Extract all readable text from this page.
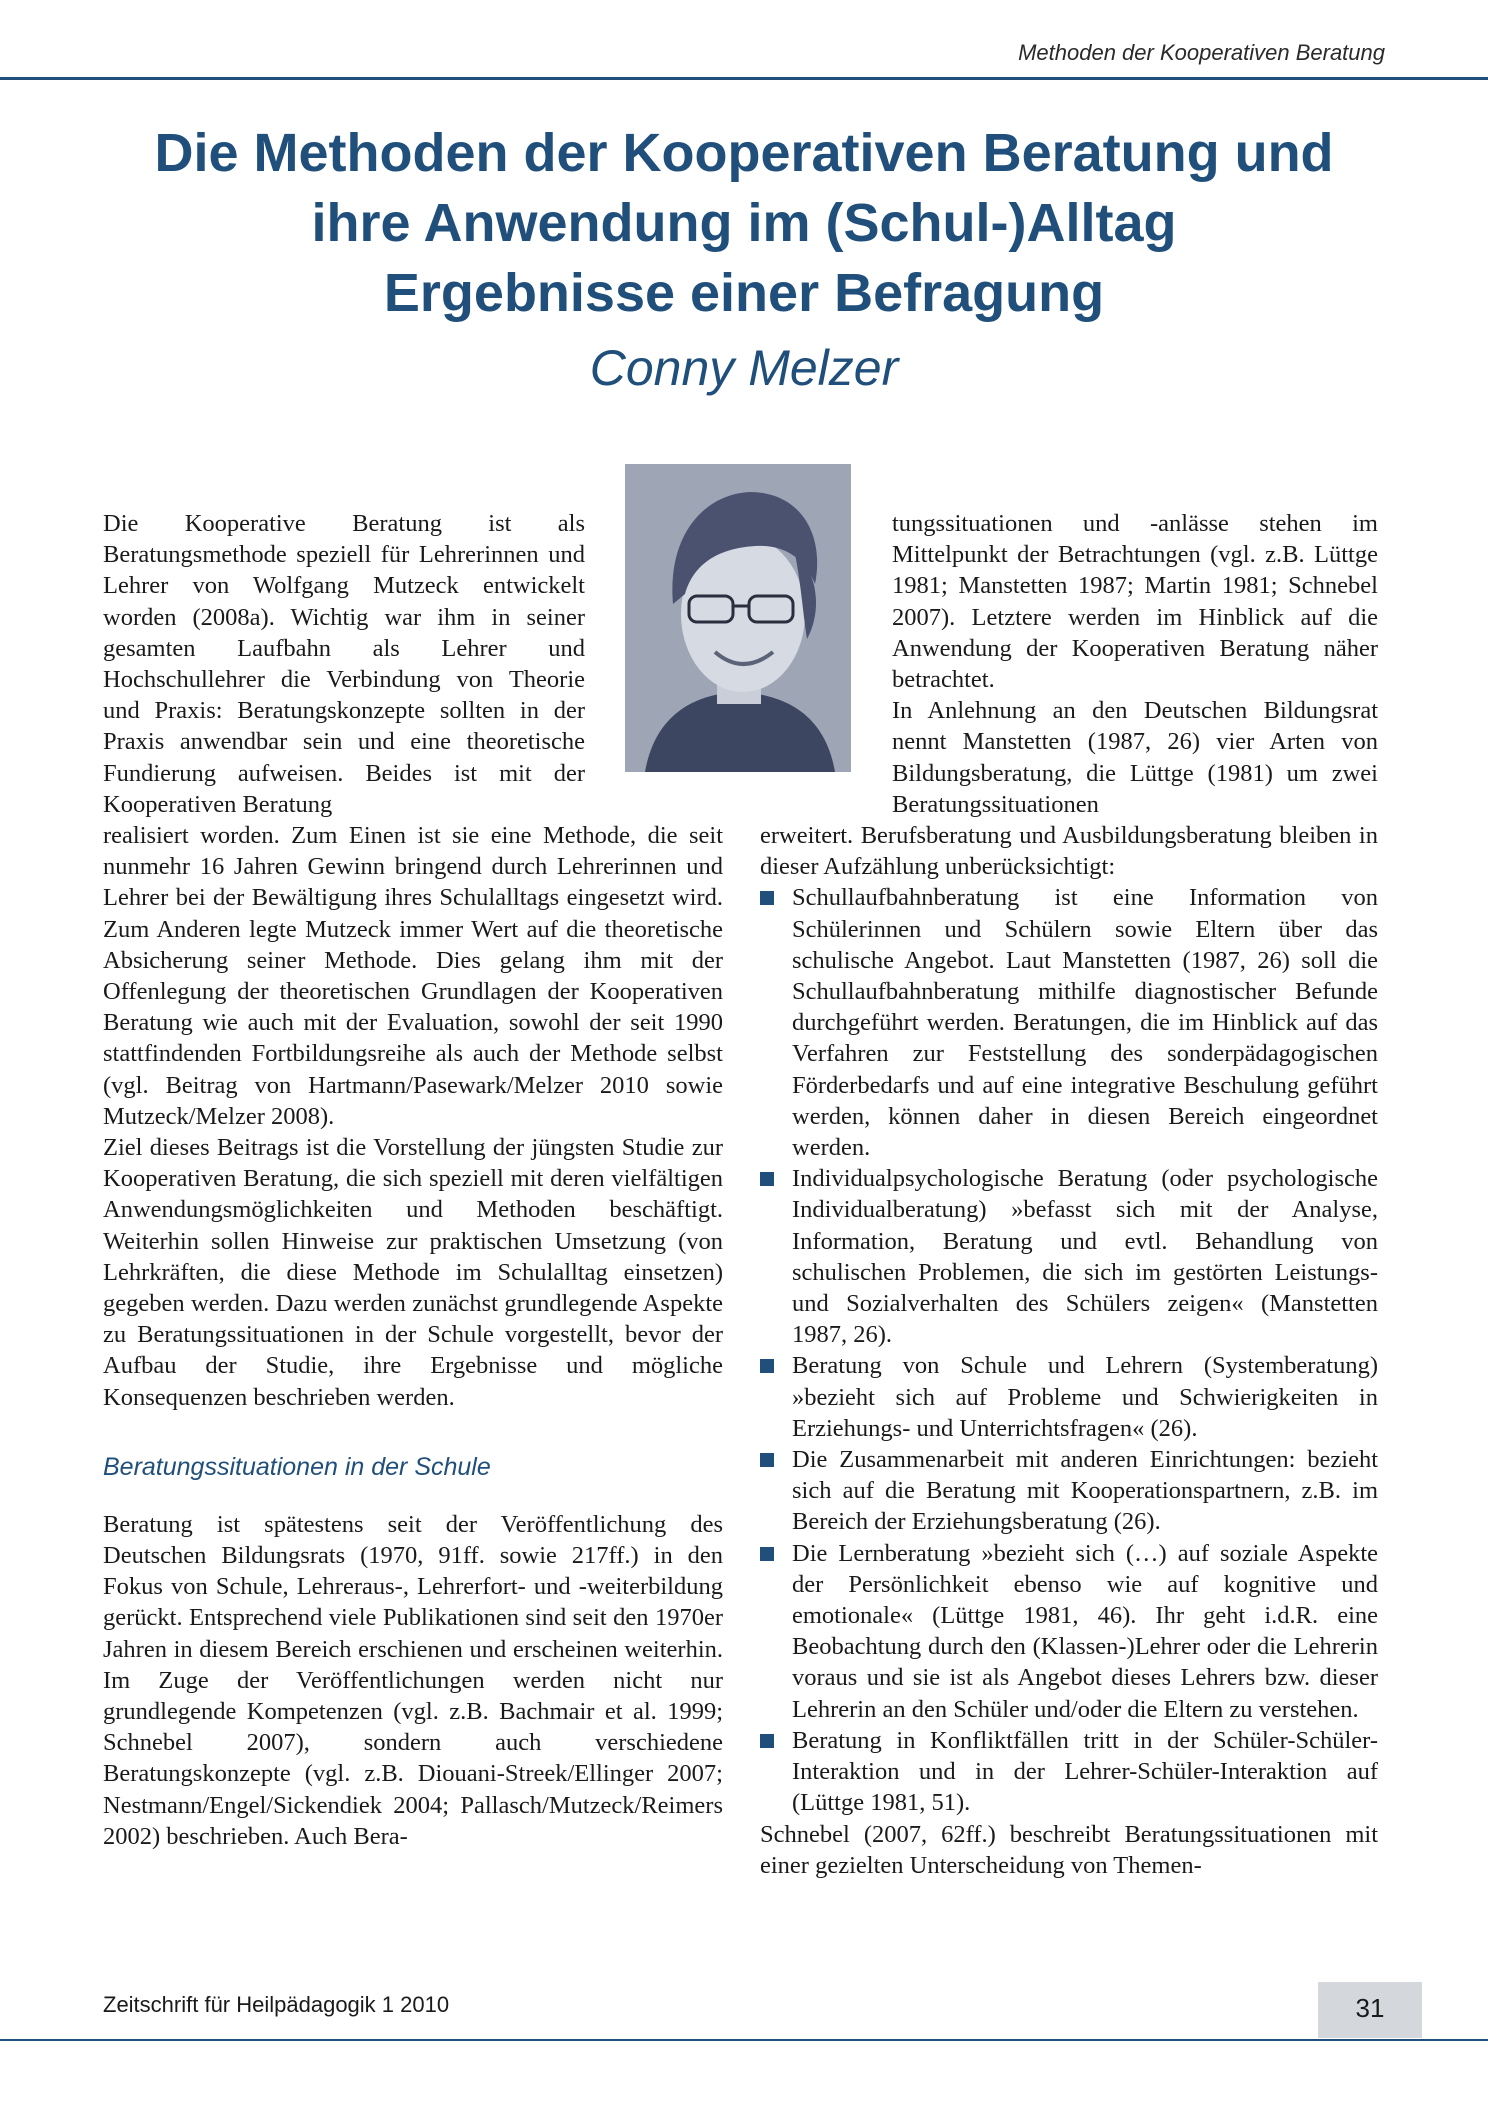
Methoden der Kooperativen Beratung
Die Methoden der Kooperativen Beratung und
ihre Anwendung im (Schul-)Alltag
Ergebnisse einer Befragung
Conny Melzer

Die Kooperative Beratung ist als Beratungsmethode speziell für Lehrerinnen und Lehrer von Wolfgang Mutzeck entwickelt worden (2008a). Wichtig war ihm in seiner gesamten Laufbahn als Lehrer und Hochschullehrer die Verbindung von Theorie und Praxis: Beratungskonzepte sollten in der Praxis anwendbar sein und eine theoretische Fundierung aufweisen. Beides ist mit der Kooperativen Beratung

realisiert worden. Zum Einen ist sie eine Methode, die seit nunmehr 16 Jahren Gewinn bringend durch Lehrerinnen und Lehrer bei der Bewältigung ihres Schulalltags eingesetzt wird. Zum Anderen legte Mutzeck immer Wert auf die theoretische Absicherung seiner Methode. Dies gelang ihm mit der Offenlegung der theoretischen Grundlagen der Kooperativen Beratung wie auch mit der Evaluation, sowohl der seit 1990 stattfindenden Fortbildungsreihe als auch der Methode selbst (vgl. Beitrag von Hartmann/Pasewark/Melzer 2010 sowie Mutzeck/Melzer 2008).

Ziel dieses Beitrags ist die Vorstellung der jüngsten Studie zur Kooperativen Beratung, die sich speziell mit deren vielfältigen Anwendungsmöglichkeiten und Methoden beschäftigt. Weiterhin sollen Hinweise zur praktischen Umsetzung (von Lehrkräften, die diese Methode im Schulalltag einsetzen) gegeben werden. Dazu werden zunächst grundlegende Aspekte zu Beratungssituationen in der Schule vorgestellt, bevor der Aufbau der Studie, ihre Ergebnisse und mögliche Konsequenzen beschrieben werden.

Beratungssituationen in der Schule

Beratung ist spätestens seit der Veröffentlichung des Deutschen Bildungsrats (1970, 91ff. sowie 217ff.) in den Fokus von Schule, Lehreraus-, Lehrerfort- und -weiterbildung gerückt. Entsprechend viele Publikationen sind seit den 1970er Jahren in diesem Bereich erschienen und erscheinen weiterhin. Im Zuge der Veröffentlichungen werden nicht nur grundlegende Kompetenzen (vgl. z.B. Bachmair et al. 1999; Schnebel 2007), sondern auch verschiedene Beratungskonzepte (vgl. z.B. Diouani-Streek/Ellinger 2007; Nestmann/Engel/Sickendiek 2004; Pallasch/Mutzeck/Reimers 2002) beschrieben. Auch Bera-

tungssituationen und -anlässe stehen im Mittelpunkt der Betrachtungen (vgl. z.B. Lüttge 1981; Manstetten 1987; Martin 1981; Schnebel 2007). Letztere werden im Hinblick auf die Anwendung der Kooperativen Beratung näher betrachtet.

In Anlehnung an den Deutschen Bildungsrat nennt Manstetten (1987, 26) vier Arten von Bildungsberatung, die Lüttge (1981) um zwei Beratungssituationen

erweitert. Berufsberatung und Ausbildungsberatung bleiben in dieser Aufzählung unberücksichtigt:

Schullaufbahnberatung ist eine Information von Schülerinnen und Schülern sowie Eltern über das schulische Angebot. Laut Manstetten (1987, 26) soll die Schullaufbahnberatung mithilfe diagnostischer Befunde durchgeführt werden. Beratungen, die im Hinblick auf das Verfahren zur Feststellung des sonderpädagogischen Förderbedarfs und auf eine integrative Beschulung geführt werden, können daher in diesen Bereich eingeordnet werden.
Individualpsychologische Beratung (oder psychologische Individualberatung) »befasst sich mit der Analyse, Information, Beratung und evtl. Behandlung von schulischen Problemen, die sich im gestörten Leistungs- und Sozialverhalten des Schülers zeigen« (Manstetten 1987, 26).
Beratung von Schule und Lehrern (Systemberatung) »bezieht sich auf Probleme und Schwierigkeiten in Erziehungs- und Unterrichtsfragen« (26).
Die Zusammenarbeit mit anderen Einrichtungen: bezieht sich auf die Beratung mit Kooperationspartnern, z.B. im Bereich der Erziehungsberatung (26).
Die Lernberatung »bezieht sich (…) auf soziale Aspekte der Persönlichkeit ebenso wie auf kognitive und emotionale« (Lüttge 1981, 46). Ihr geht i.d.R. eine Beobachtung durch den (Klassen-)Lehrer oder die Lehrerin voraus und sie ist als Angebot dieses Lehrers bzw. dieser Lehrerin an den Schüler und/oder die Eltern zu verstehen.
Beratung in Konfliktfällen tritt in der Schüler-Schüler-Interaktion und in der Lehrer-Schüler-Interaktion auf (Lüttge 1981, 51).

Schnebel (2007, 62ff.) beschreibt Beratungssituationen mit einer gezielten Unterscheidung von Themen-

31
Zeitschrift für Heilpädagogik 1 2010
